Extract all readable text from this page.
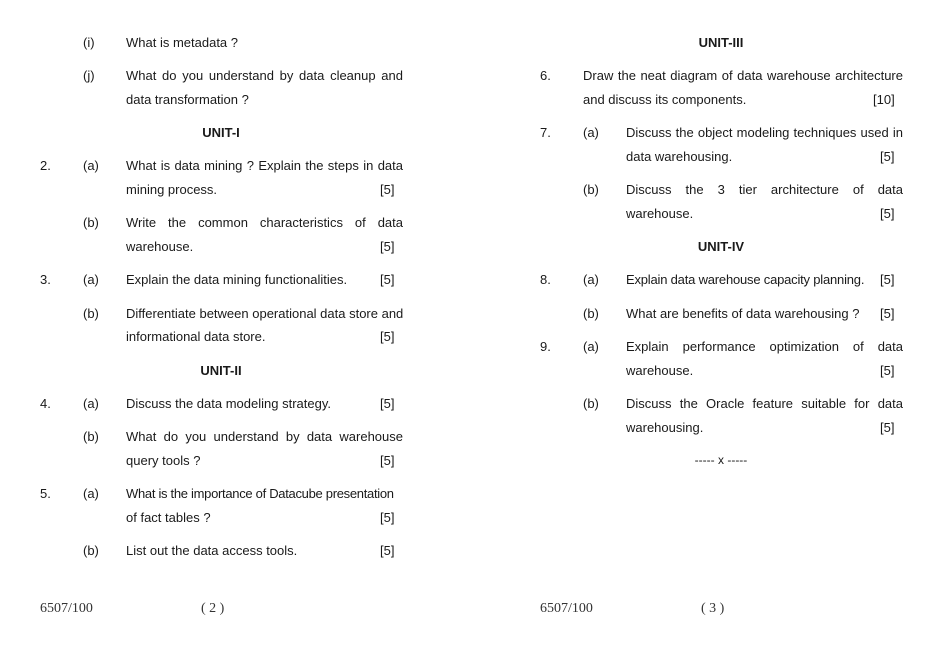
(i) What is metadata ?
(j) What do you understand by data cleanup and
data transformation ?
UNIT-I
2. (a) What is data mining ? Explain the steps in data
mining process.	[5]
(b) Write the common characteristics of data
warehouse.	[5]
3. (a) Explain the data mining functionalities.	[5]
(b) Differentiate between operational data store and
informational data store.	[5]
UNIT-II
4. (a) Discuss the data modeling strategy.	[5]
(b) What do you understand by data warehouse
query tools ?	[5]
5. (a) What is the importance of Datacube presentation
of fact tables ?	[5]
(b) List out the data access tools.	[5]
6507/100	( 2 )
UNIT-III
6. Draw the neat diagram of data warehouse architecture
and discuss its components.	[10]
7. (a) Discuss the object modeling techniques used in
data warehousing.	[5]
(b) Discuss the 3 tier architecture of data
warehouse.	[5]
UNIT-IV
8. (a) Explain data warehouse capacity planning. [5]
(b) What are benefits of data warehousing ? [5]
9. (a) Explain performance optimization of data
warehouse.	[5]
(b) Discuss the Oracle feature suitable for data
warehousing.	[5]
----- x -----
6507/100	( 3 )
